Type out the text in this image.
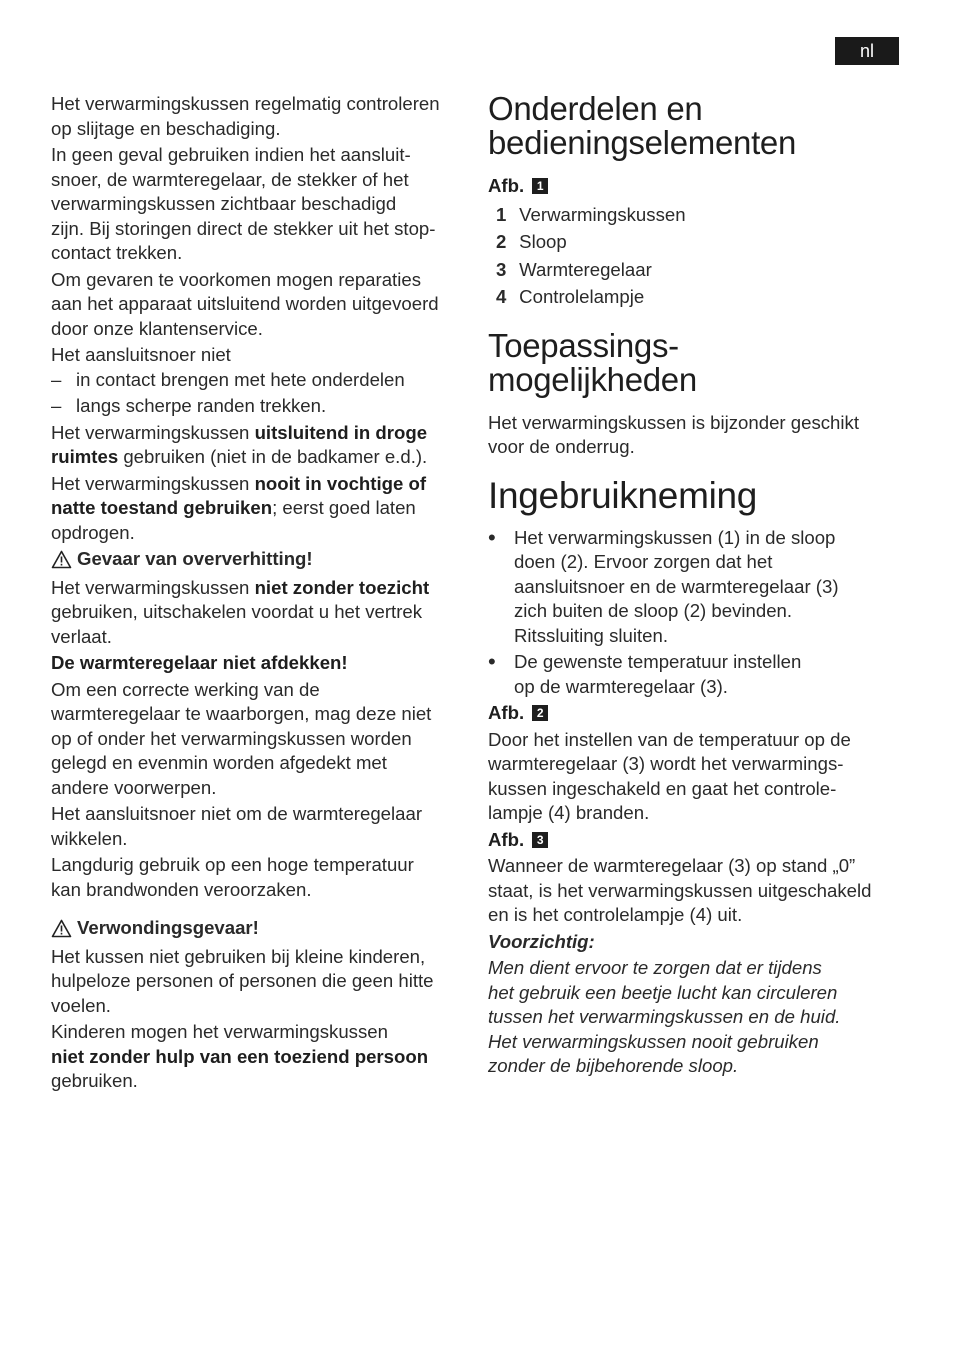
nl

Het verwarmingskussen regelmatig controleren
op slijtage en beschadiging.

In geen geval gebruiken indien het aansluit-
snoer, de warmteregelaar, de stekker of het
verwarmingskussen zichtbaar beschadigd
zijn. Bij storingen direct de stekker uit het stop-
contact trekken.

Om gevaren te voorkomen mogen reparaties
aan het apparaat uitsluitend worden uitgevoerd
door onze klantenservice.

Het aansluitsnoer niet

– in contact brengen met hete onderdelen
– langs scherpe randen trekken.

Het verwarmingskussen uitsluitend in droge
ruimtes gebruiken (niet in de badkamer e.d.).

Het verwarmingskussen nooit in vochtige of
natte toestand gebruiken; eerst goed laten
opdrogen.

Gevaar van oververhitting!

Het verwarmingskussen niet zonder toezicht
gebruiken, uitschakelen voordat u het vertrek
verlaat.

De warmteregelaar niet afdekken!

Om een correcte werking van de
warmteregelaar te waarborgen, mag deze niet
op of onder het verwarmingskussen worden
gelegd en evenmin worden afgedekt met
andere voorwerpen.

Het aansluitsnoer niet om de warmteregelaar
wikkelen.

Langdurig gebruik op een hoge temperatuur
kan brandwonden veroorzaken.

Verwondingsgevaar!

Het kussen niet gebruiken bij kleine kinderen,
hulpeloze personen of personen die geen hitte
voelen.

Kinderen mogen het verwarmingskussen
niet zonder hulp van een toeziend persoon
gebruiken.

Onderdelen en
bedieningselementen
Afb.	1
1 Verwarmingskussen
2 Sloop
3 Warmteregelaar
4 Controlelampje
Toepassings-
mogelijkheden

Het verwarmingskussen is bijzonder geschikt
voor de onderrug.

Ingebruikneming
• Het verwarmingskussen (1) in de sloop
doen (2). Ervoor zorgen dat het
aansluitsnoer en de warmteregelaar (3)
zich buiten de sloop (2) bevinden.
Ritssluiting sluiten.
• De gewenste temperatuur instellen
op de warmteregelaar (3).
Afb.	2

Door het instellen van de temperatuur op de
warmteregelaar (3) wordt het verwarmings-
kussen ingeschakeld en gaat het controle-
lampje (4) branden.

Afb.	3

Wanneer de warmteregelaar (3) op stand „0”
staat, is het verwarmingskussen uitgeschakeld
en is het controlelampje (4) uit.

Voorzichtig:

Men dient ervoor te zorgen dat er tijdens
het gebruik een beetje lucht kan circuleren
tussen het verwarmingskussen en de huid.
Het verwarmingskussen nooit gebruiken
zonder de bijbehorende sloop.
